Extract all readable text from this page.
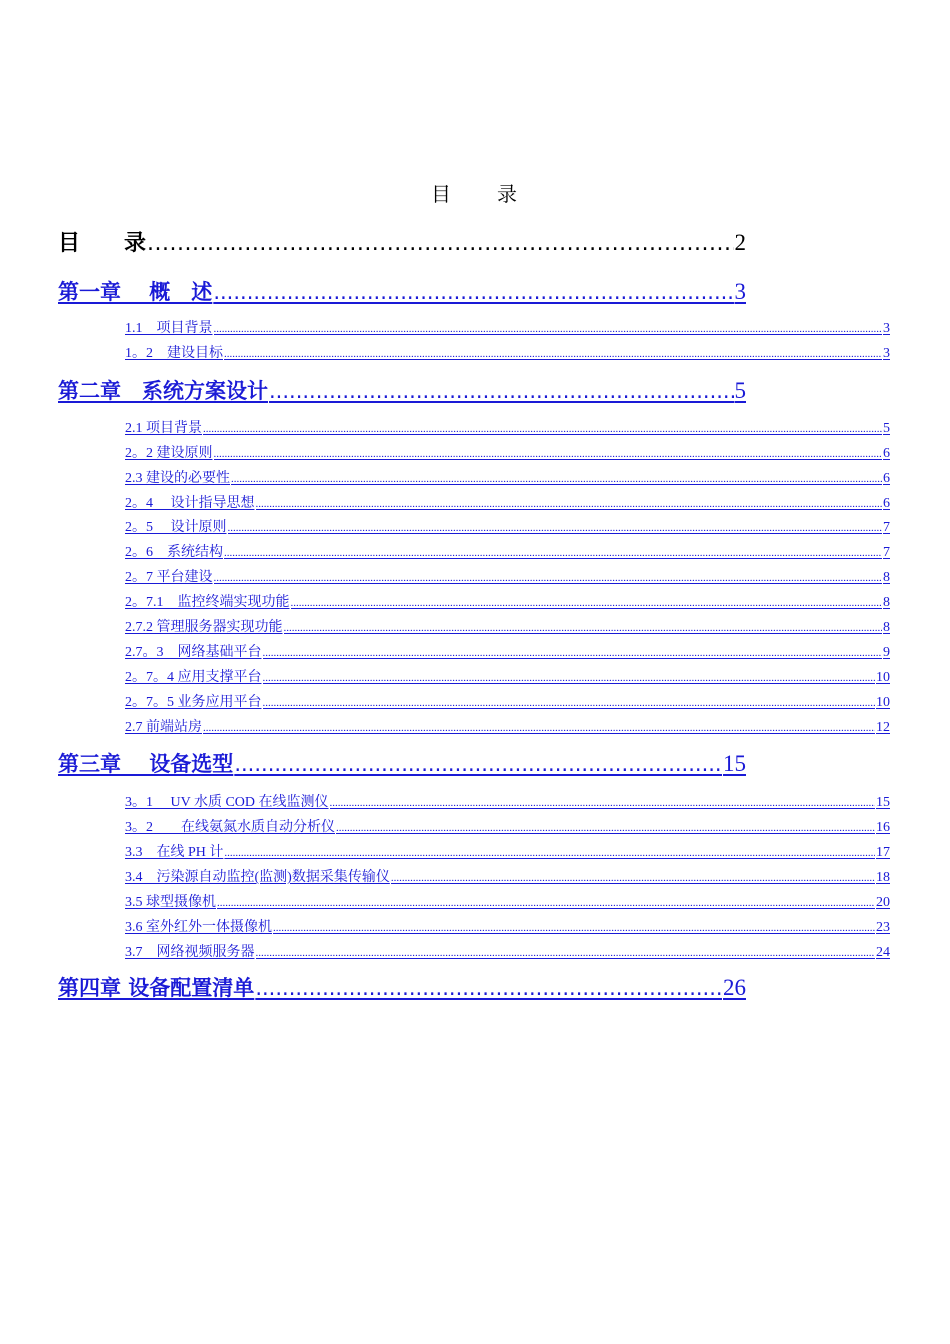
目　　录
目　　录 .....	2
第一章　 概　述 .....	3
1.1　项目背景 .....	3
1。2　建设目标 .....	3
第二章　系统方案设计 .....	5
2.1 项目背景 .....	5
2。2 建设原则 .....	6
2.3 建设的必要性 .....	6
2。4　 设计指导思想 .....	6
2。5　 设计原则 .....	7
2。6　系统结构 .....	7
2。7 平台建设 .....	8
2。7.1　监控终端实现功能 .....	8
2.7.2 管理服务器实现功能 .....	8
2.7。3　网络基础平台 .....	9
2。7。4 应用支撑平台 .....	10
2。7。5 业务应用平台 .....	10
2.7 前端站房 .....	12
第三章　 设备选型 .....	15
3。1　 UV 水质 COD 在线监测仪 .....	15
3。2　　在线氨氮水质自动分析仪 .....	16
3.3　在线 PH 计 .....	17
3.4　污染源自动监控(监测)数据采集传输仪 .....	18
3.5 球型摄像机 .....	20
3.6 室外红外一体摄像机 .....	23
3.7　网络视频服务器 .....	24
第四章 设备配置清单 .....	26
